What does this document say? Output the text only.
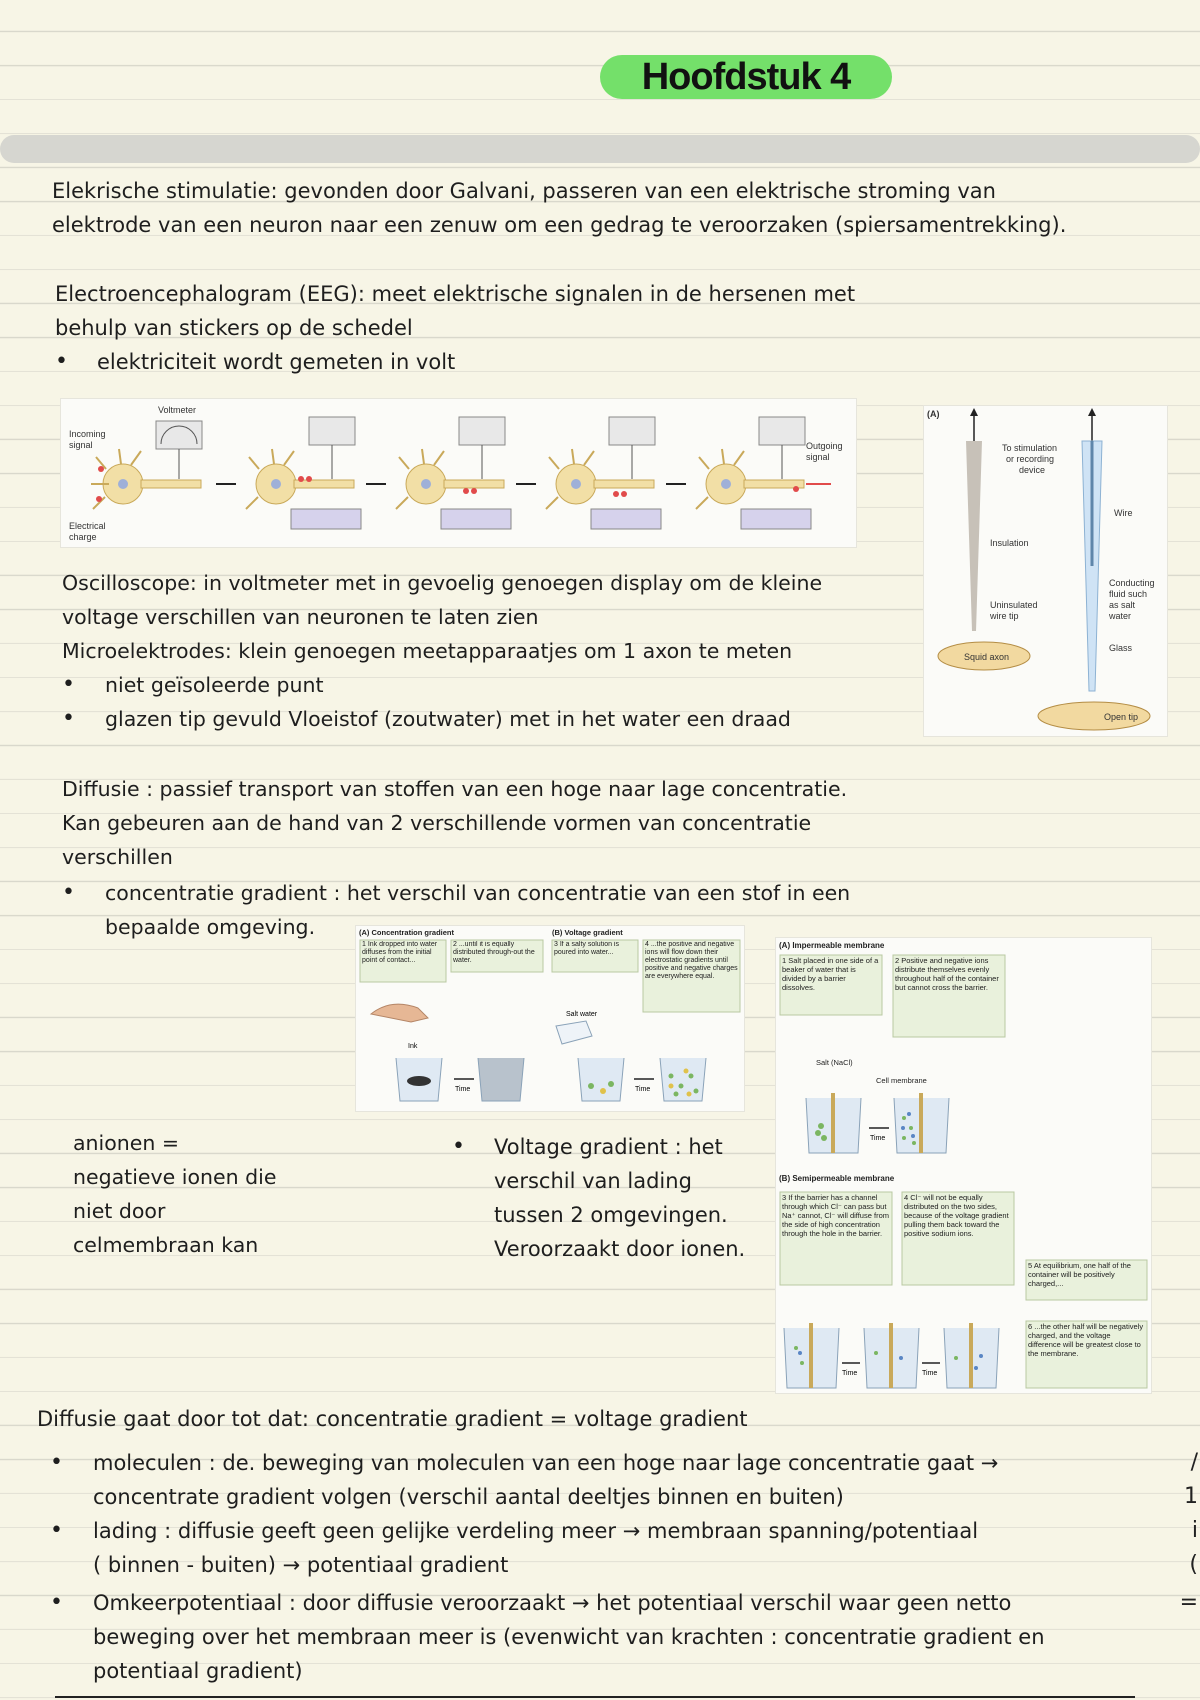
Hoofdstuk 4

Elekrische stimulatie: gevonden door Galvani, passeren van een elektrische stroming van

elektrode van een neuron naar een zenuw om een gedrag te veroorzaken (spiersamentrekking).

Electroencephalogram (EEG): meet elektrische signalen in de hersenen met

behulp van stickers op de schedel

• elektriciteit wordt gemeten in volt

Voltmeter
Incoming
signal	Outgoing
signal
Electrical
charge
(A)
To stimulation
or recording
device
Wire
Insulation
Conducting
fluid such
as salt
water
Uninsulated
wire tip
Glass
Squid axon
Open tip

Oscilloscope: in voltmeter met in gevoelig genoegen display om de kleine

voltage verschillen van neuronen te laten zien

Microelektrodes: klein genoegen meetapparaatjes om 1 axon te meten

• niet geïsoleerde punt

• glazen tip gevuld Vloeistof (zoutwater) met in het water een draad

Diffusie : passief transport van stoffen van een hoge naar lage concentratie.

Kan gebeuren aan de hand van 2 verschillende vormen van concentratie

verschillen

• concentratie gradient : het verschil van concentratie van een stof in een

bepaalde omgeving.	(A) Concentration gradient	(B) Voltage gradient
1 Ink dropped into water diffuses from the initial point of contact...
2 ...until it is equally distributed through-out the water.
3 If a salty solution is poured into water...
4 ...the positive and negative ions will flow down their electrostatic gradients until positive and negative charges are everywhere equal.
Ink
Time
Salt water
Time
(A) Impermeable membrane
(B) Semipermeable membrane
Salt (NaCl)
Cell membrane
1 Salt placed in one side of a beaker of water that is divided by a barrier dissolves.
2 Positive and negative ions distribute themselves evenly throughout half of the container but cannot cross the barrier.
3 If the barrier has a channel through which Cl⁻ can pass but Na⁺ cannot, Cl⁻ will diffuse from the side of high concentration through the hole in the barrier.
4 Cl⁻ will not be equally distributed on the two sides, because of the voltage gradient pulling them back toward the positive sodium ions.
5 At equilibrium, one half of the container will be positively charged,...
6 ...the other half will be negatively charged, and the voltage difference will be greatest close to the membrane.
Time
Time	Time

anionen =

negatieve ionen die

niet door

celmembraan kan

• Voltage gradient : het

verschil van lading

tussen 2 omgevingen.

Veroorzaakt door ionen.

Diffusie gaat door tot dat: concentratie gradient = voltage gradient

• moleculen : de. beweging van moleculen van een hoge naar lage concentratie gaat →

concentrate gradient volgen (verschil aantal deeltjes binnen en buiten)

• lading : diffusie geeft geen gelijke verdeling meer → membraan spanning/potentiaal

( binnen - buiten) → potentiaal gradient

• Omkeerpotentiaal : door diffusie veroorzaakt → het potentiaal verschil waar geen netto

beweging over het membraan meer is (evenwicht van krachten : concentratie gradient en

potentiaal gradient)

/
1
i
(
=
